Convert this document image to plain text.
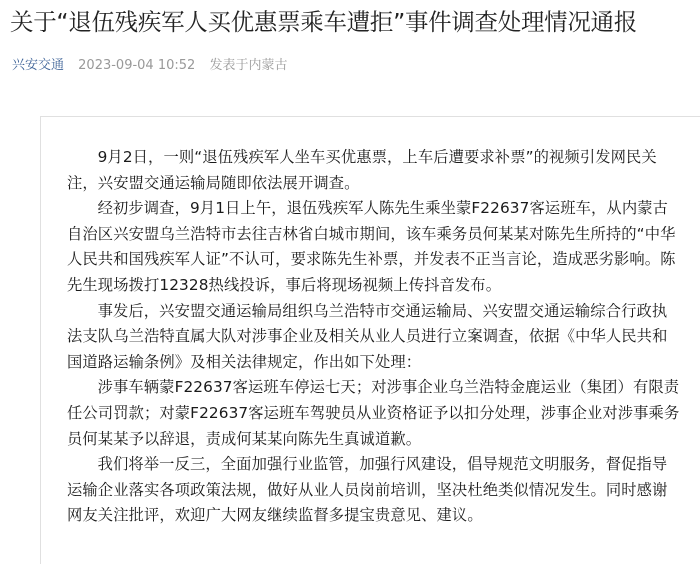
关于“退伍残疾军人买优惠票乘车遭拒”事件调查处理情况通报
兴安交通 2023-09-04 10:52 发表于内蒙古

9月2日，一则“退伍残疾军人坐车买优惠票，上车后遭要求补票”的视频引发网民关注，兴安盟交通运输局随即依法展开调查。

经初步调查，9月1日上午，退伍残疾军人陈先生乘坐蒙F22637客运班车，从内蒙古自治区兴安盟乌兰浩特市去往吉林省白城市期间，该车乘务员何某某对陈先生所持的“中华人民共和国残疾军人证”不认可，要求陈先生补票，并发表不正当言论，造成恶劣影响。陈先生现场拨打12328热线投诉，事后将现场视频上传抖音发布。

事发后，兴安盟交通运输局组织乌兰浩特市交通运输局、兴安盟交通运输综合行政执法支队乌兰浩特直属大队对涉事企业及相关从业人员进行立案调查，依据《中华人民共和国道路运输条例》及相关法律规定，作出如下处理：

涉事车辆蒙F22637客运班车停运七天；对涉事企业乌兰浩特金鹿运业（集团）有限责任公司罚款；对蒙F22637客运班车驾驶员从业资格证予以扣分处理，涉事企业对涉事乘务员何某某予以辞退，责成何某某向陈先生真诚道歉。

我们将举一反三，全面加强行业监管，加强行风建设，倡导规范文明服务，督促指导运输企业落实各项政策法规，做好从业人员岗前培训，坚决杜绝类似情况发生。同时感谢网友关注批评，欢迎广大网友继续监督多提宝贵意见、建议。
